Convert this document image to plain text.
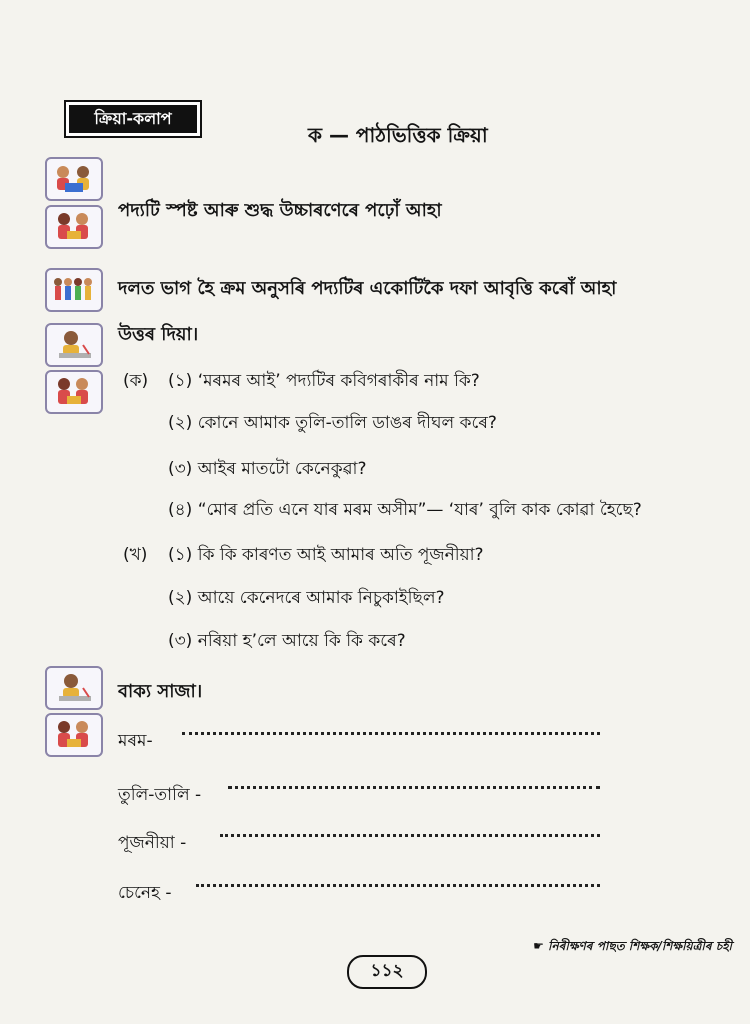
ক্ৰিয়া-কলাপ
ক — পাঠভিত্তিক ক্ৰিয়া
পদ্যটি স্পষ্ট আৰু শুদ্ধ উচ্চাৰণেৰে পঢ়োঁ আহা
দলত ভাগ হৈ ক্ৰম অনুসৰি পদ্যটিৰ একোটিকৈ দফা আবৃত্তি কৰোঁ আহা
উত্তৰ দিয়া।
(ক) (১) ‘মৰমৰ আই’ পদ্যটিৰ কবিগৰাকীৰ নাম কি?
(২) কোনে আমাক তুলি-তালি ডাঙৰ দীঘল কৰে?
(৩) আইৰ মাতটো কেনেকুৱা?
(৪) “মোৰ প্ৰতি এনে যাৰ মৰম অসীম”— ‘যাৰ’ বুলি কাক কোৱা হৈছে?
(খ) (১) কি কি কাৰণত আই আমাৰ অতি পূজনীয়া?
(২) আয়ে কেনেদৰে আমাক নিচুকাইছিল?
(৩) নৰিয়া হ’লে আয়ে কি কি কৰে?
বাক্য সাজা।
মৰম-
তুলি-তালি -
পূজনীয়া -
চেনেহ -
☛ নিৰীক্ষণৰ পাছত শিক্ষক/শিক্ষয়িত্ৰীৰ চহী
১১২
